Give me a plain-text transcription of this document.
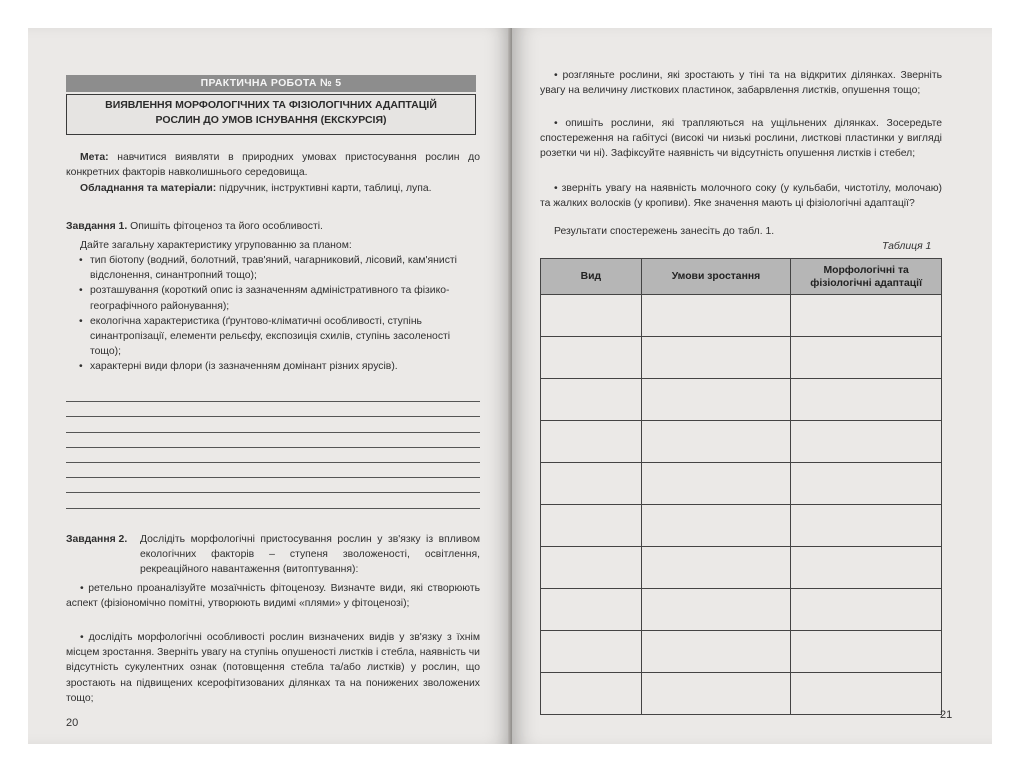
ПРАКТИЧНА РОБОТА № 5
ВИЯВЛЕННЯ МОРФОЛОГІЧНИХ ТА ФІЗІОЛОГІЧНИХ АДАПТАЦІЙ
РОСЛИН ДО УМОВ ІСНУВАННЯ (ЕКСКУРСІЯ)

Мета: навчитися виявляти в природних умовах пристосування рослин до конкретних факторів навколишнього середовища.

Обладнання та матеріали: підручник, інструктивні карти, таблиці, лупа.

Завдання 1. Опишіть фітоценоз та його особливості.

Дайте загальну характеристику угрупованню за планом:

• тип біотопу (водний, болотний, трав'яний, чагарниковий, лісовий, кам'янисті відслонення, синантропний тощо);
• розташування (короткий опис із зазначенням адміністративного та фізико-географічного районування);
• екологічна характеристика (ґрунтово-кліматичні особливості, ступінь синантропізації, елементи рельєфу, експозиція схилів, ступінь засоленості тощо);
• характерні види флори (із зазначенням домінант різних ярусів).
Завдання 2.	Дослідіть морфологічні пристосування рослин у зв'язку із впливом екологічних факторів – ступеня зволоженості, освітлення, рекреаційного навантаження (витоптування):

• ретельно проаналізуйте мозаїчність фітоценозу. Визначте види, які створюють аспект (фізіономічно помітні, утворюють видимі «плями» у фітоценозі);

• дослідіть морфологічні особливості рослин визначених видів у зв'язку з їхнім місцем зростання. Зверніть увагу на ступінь опушеності листків і стебла, наявність чи відсутність сукулентних ознак (потовщення стебла та/або листків) у рослин, що зростають на підвищених ксерофітизованих ділянках та на понижених зволожених тощо;

20

• розгляньте рослини, які зростають у тіні та на відкритих ділянках. Зверніть увагу на величину листкових пластинок, забарвлення листків, опушення тощо;

• опишіть рослини, які трапляються на ущільнених ділянках. Зосередьте спостереження на габітусі (високі чи низькі рослини, листкові пластинки у вигляді розетки чи ні). Зафіксуйте наявність чи відсутність опушення листків і стебел;

• зверніть увагу на наявність молочного соку (у кульбаби, чистотілу, молочаю) та жалких волосків (у кропиви). Яке значення мають ці фізіологічні адаптації?

Результати спостережень занесіть до табл. 1.

Таблиця 1
Вид	Умови зростання	Морфологічні та фізіологічні адаптації

21
